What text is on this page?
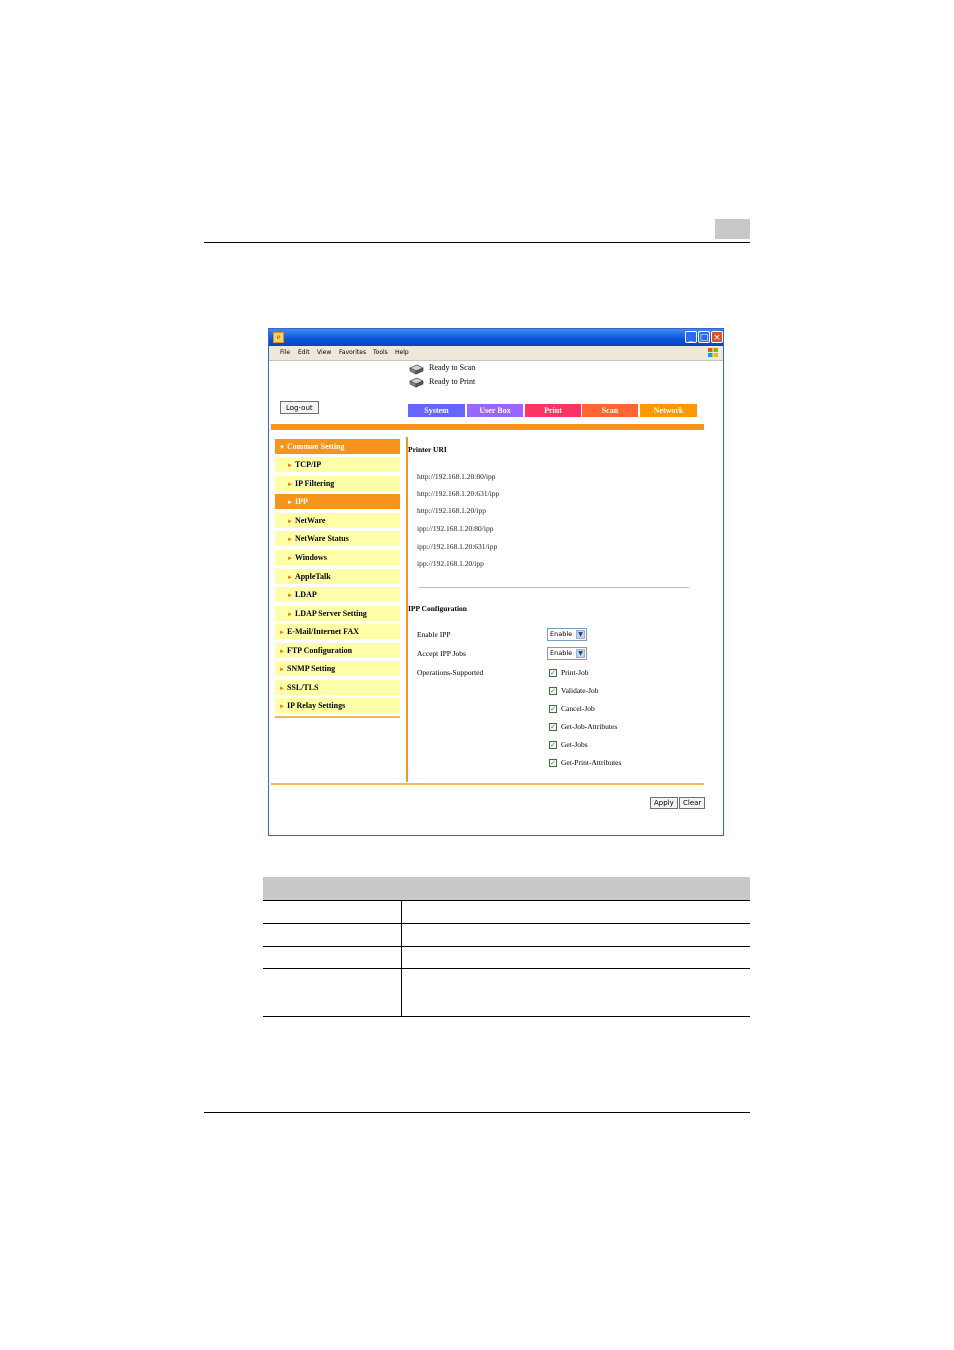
e	_ □ ×
File Edit View Favorites Tools Help
Ready to Scan
Ready to Print
Log-out	System	User Box	Print	Scan	Network
▼ Common Setting
► TCP/IP
► IP Filtering
► IPP
► NetWare
► NetWare Status
► Windows
► AppleTalk
► LDAP
► LDAP Server Setting
► E-Mail/Internet FAX
► FTP Configuration
► SNMP Setting
► SSL/TLS
► IP Relay Settings
Printer URI
http://192.168.1.20:80/ipp
http://192.168.1.20:631/ipp
http://192.168.1.20/ipp
ipp://192.168.1.20:80/ipp
ipp://192.168.1.20:631/ipp
ipp://192.168.1.20/ipp
IPP Configuration
Enable IPP	Enable	▼
Accept IPP Jobs	Enable	▼
Operations-Supported	✓ Print-Job
✓ Validate-Job
✓ Cancel-Job
✓ Get-Job-Attributes
✓ Get-Jobs
✓ Get-Print-Attributes
Apply	Clear
